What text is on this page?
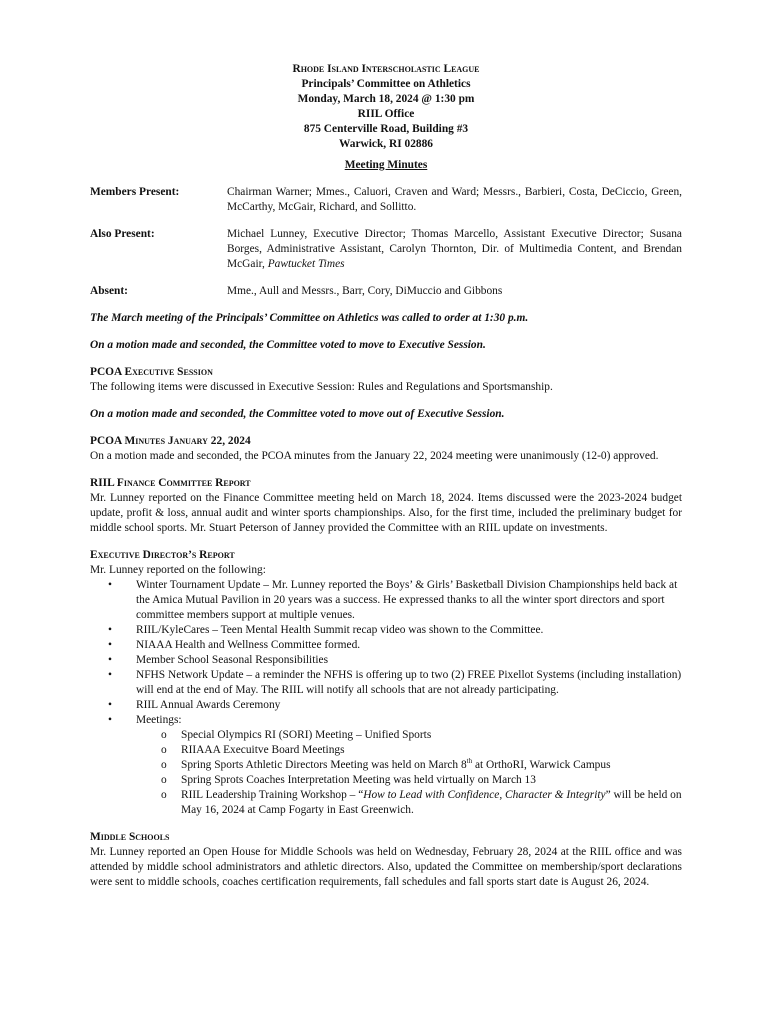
Rhode Island Interscholastic League
Principals’ Committee on Athletics
Monday, March 18, 2024 @ 1:30 pm
RIIL Office
875 Centerville Road, Building #3
Warwick, RI 02886
Meeting Minutes
Members Present:	Chairman Warner; Mmes., Caluori, Craven and Ward; Messrs., Barbieri, Costa, DeCiccio, Green, McCarthy, McGair, Richard, and Sollitto.
Also Present:	Michael Lunney, Executive Director; Thomas Marcello, Assistant Executive Director; Susana Borges, Administrative Assistant, Carolyn Thornton, Dir. of Multimedia Content, and Brendan McGair, Pawtucket Times
Absent:	Mme., Aull and Messrs., Barr, Cory, DiMuccio and Gibbons
The March meeting of the Principals’ Committee on Athletics was called to order at 1:30 p.m.
On a motion made and seconded, the Committee voted to move to Executive Session.
PCOA Executive Session
The following items were discussed in Executive Session: Rules and Regulations and Sportsmanship.
On a motion made and seconded, the Committee voted to move out of Executive Session.
PCOA Minutes January 22, 2024
On a motion made and seconded, the PCOA minutes from the January 22, 2024 meeting were unanimously (12-0) approved.
RIIL Finance Committee Report
Mr. Lunney reported on the Finance Committee meeting held on March 18, 2024. Items discussed were the 2023-2024 budget update, profit & loss, annual audit and winter sports championships. Also, for the first time, included the preliminary budget for middle school sports. Mr. Stuart Peterson of Janney provided the Committee with an RIIL update on investments.
Executive Director’s Report
Mr. Lunney reported on the following:
• Winter Tournament Update – Mr. Lunney reported the Boys’ & Girls’ Basketball Division Championships held back at the Amica Mutual Pavilion in 20 years was a success. He expressed thanks to all the winter sport directors and sport committee members support at multiple venues.
• RIIL/KyleCares – Teen Mental Health Summit recap video was shown to the Committee.
• NIAAA Health and Wellness Committee formed.
• Member School Seasonal Responsibilities
• NFHS Network Update – a reminder the NFHS is offering up to two (2) FREE Pixellot Systems (including installation) will end at the end of May. The RIIL will notify all schools that are not already participating.
• RIIL Annual Awards Ceremony
• Meetings:
o Special Olympics RI (SORI) Meeting – Unified Sports
o RIIAAA Execuitve Board Meetings
o Spring Sports Athletic Directors Meeting was held on March 8th at OrthoRI, Warwick Campus
o Spring Sprots Coaches Interpretation Meeting was held virtually on March 13
o RIIL Leadership Training Workshop – “How to Lead with Confidence, Character & Integrity” will be held on May 16, 2024 at Camp Fogarty in East Greenwich.
Middle Schools
Mr. Lunney reported an Open House for Middle Schools was held on Wednesday, February 28, 2024 at the RIIL office and was attended by middle school administrators and athletic directors. Also, updated the Committee on membership/sport declarations were sent to middle schools, coaches certification requirements, fall schedules and fall sports start date is August 26, 2024.
